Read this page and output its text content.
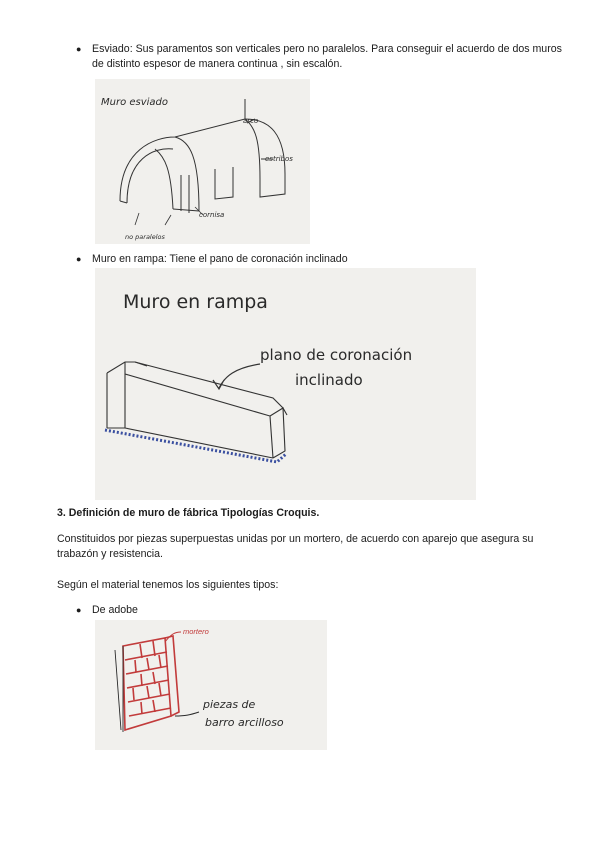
● Esviado: Sus paramentos son verticales pero no paralelos. Para conseguir el acuerdo de dos muros de distinto espesor de manera continua , sin escalón.
Muro esviado
arco
estribos
cornisa
no paralelos
● Muro en rampa: Tiene el pano de coronación inclinado
Muro en rampa
plano de coronación
inclinado
3. Definición de muro de fábrica Tipologías Croquis.
Constituidos por piezas superpuestas unidas por un mortero, de acuerdo con aparejo que asegura su trabazón y resistencia.
Según el material tenemos los siguientes tipos:
● De adobe
mortero
piezas de
barro arcilloso
